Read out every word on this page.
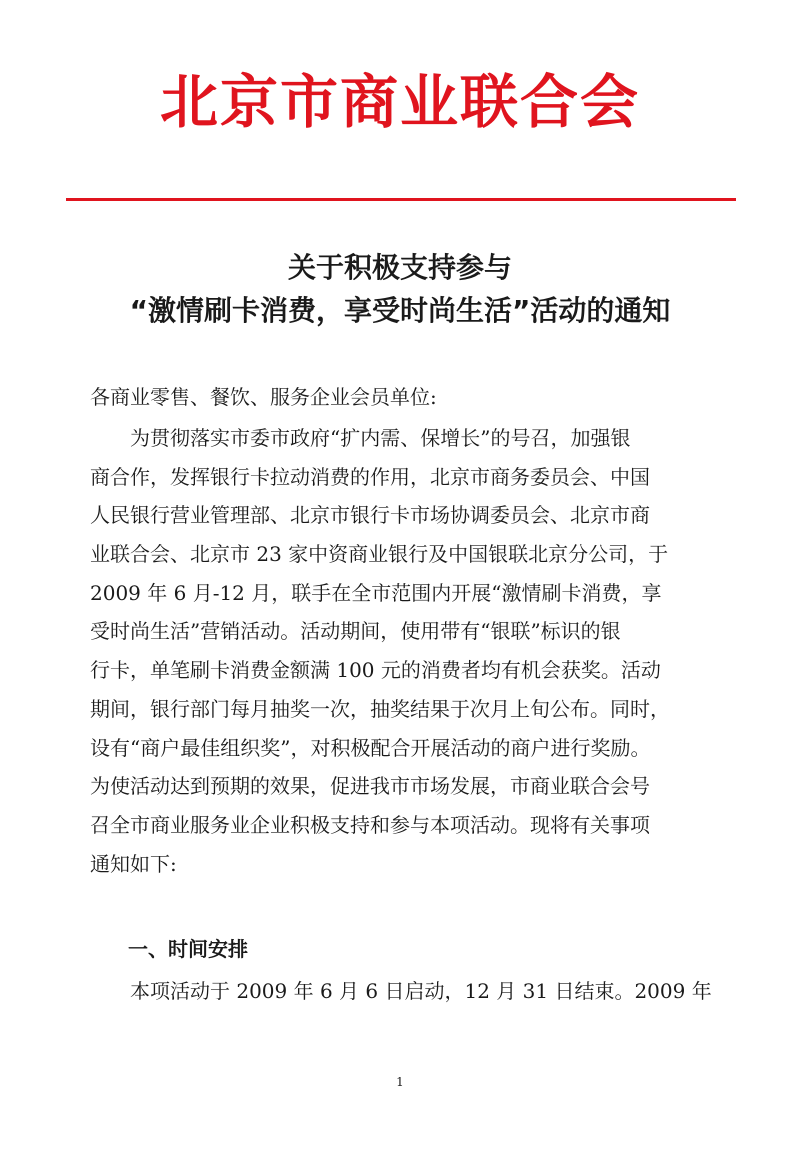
北京市商业联合会
关于积极支持参与
“激情刷卡消费，享受时尚生活”活动的通知
各商业零售、餐饮、服务企业会员单位:
为贯彻落实市委市政府“扩内需、保增长”的号召，加强银
商合作，发挥银行卡拉动消费的作用，北京市商务委员会、中国
人民银行营业管理部、北京市银行卡市场协调委员会、北京市商
业联合会、北京市 23 家中资商业银行及中国银联北京分公司，于
2009 年 6 月-12 月，联手在全市范围内开展“激情刷卡消费，享
受时尚生活”营销活动。活动期间，使用带有“银联”标识的银
行卡，单笔刷卡消费金额满 100 元的消费者均有机会获奖。活动
期间，银行部门每月抽奖一次，抽奖结果于次月上旬公布。同时，
设有“商户最佳组织奖”，对积极配合开展活动的商户进行奖励。
为使活动达到预期的效果，促进我市市场发展，市商业联合会号
召全市商业服务业企业积极支持和参与本项活动。现将有关事项
通知如下:
一、时间安排
本项活动于 2009 年 6 月 6 日启动，12 月 31 日结束。2009 年
1
